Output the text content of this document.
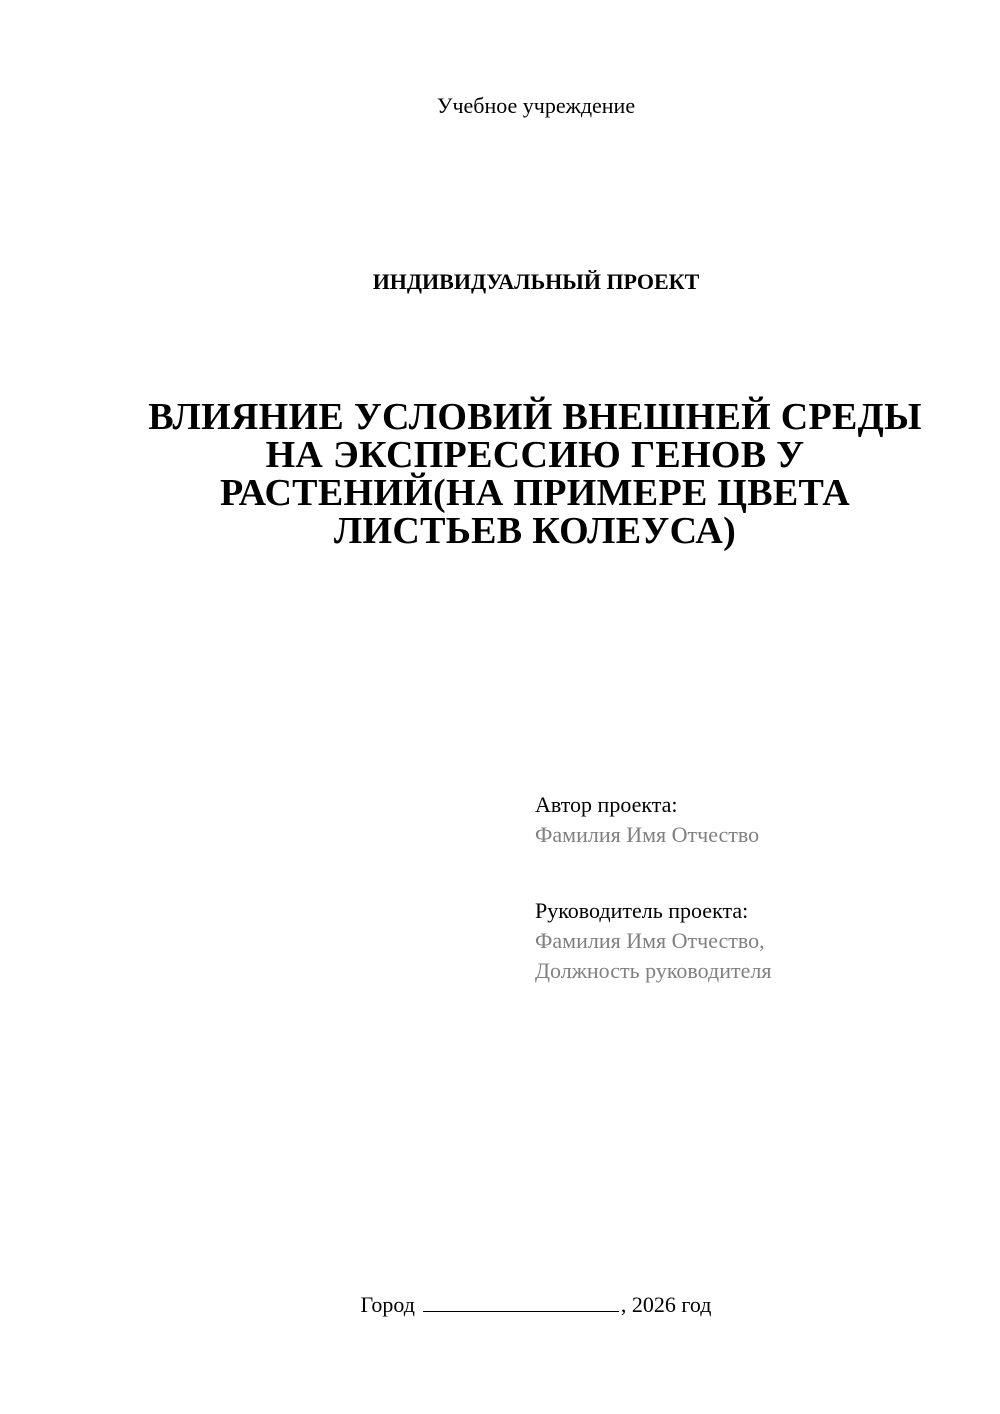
Учебное учреждение
ИНДИВИДУАЛЬНЫЙ ПРОЕКТ
ВЛИЯНИЕ УСЛОВИЙ ВНЕШНЕЙ СРЕДЫ
НА ЭКСПРЕССИЮ ГЕНОВ У
РАСТЕНИЙ(НА ПРИМЕРЕ ЦВЕТА
ЛИСТЬЕВ КОЛЕУСА)
Автор проекта:
Фамилия Имя Отчество
Руководитель проекта:
Фамилия Имя Отчество,
Должность руководителя
Город	, 2026 год
